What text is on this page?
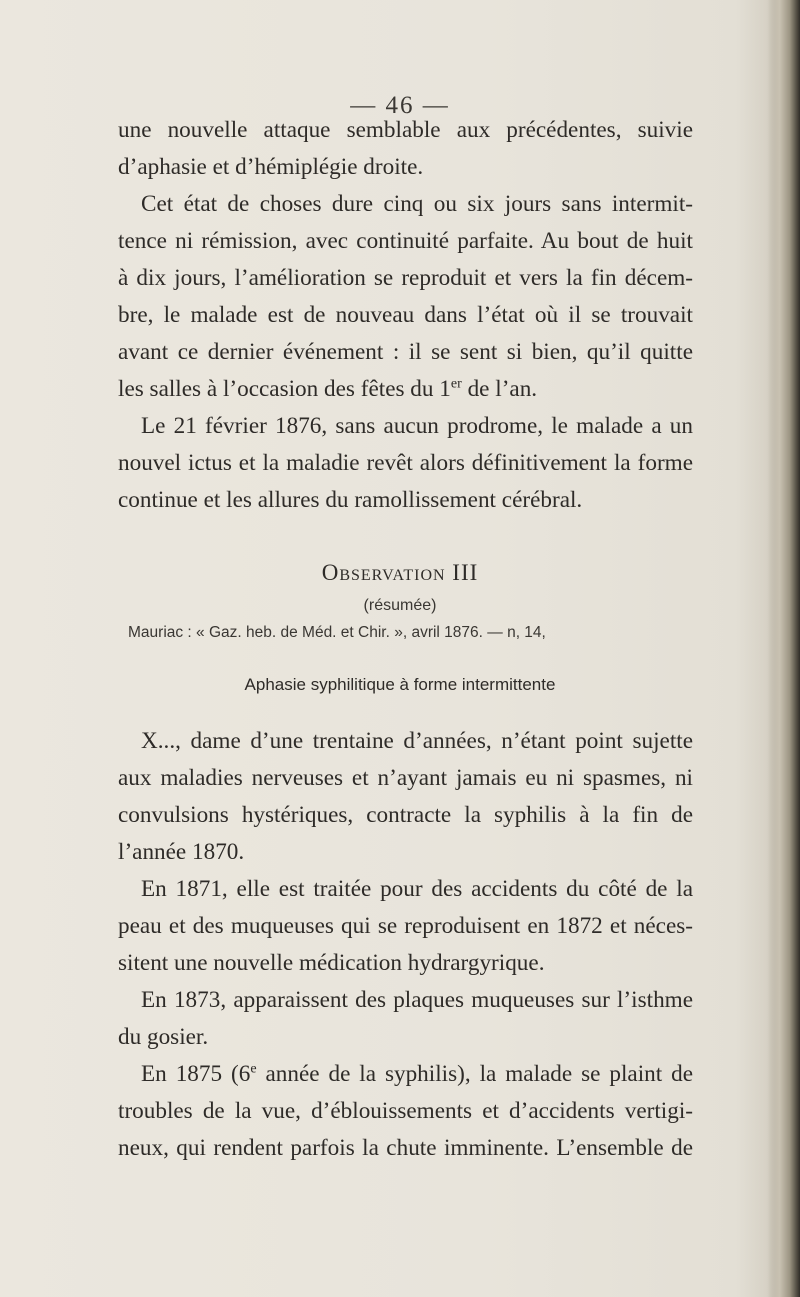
— 46 —
une nouvelle attaque semblable aux précédentes, suivie
d’aphasie et d’hémiplégie droite.
Cet état de choses dure cinq ou six jours sans intermit-
tence ni rémission, avec continuité parfaite. Au bout de huit
à dix jours, l’amélioration se reproduit et vers la fin décem-
bre, le malade est de nouveau dans l’état où il se trouvait
avant ce dernier événement : il se sent si bien, qu’il quitte
les salles à l’occasion des fêtes du 1er de l’an.
Le 21 février 1876, sans aucun prodrome, le malade a un
nouvel ictus et la maladie revêt alors définitivement la forme
continue et les allures du ramollissement cérébral.
Observation III
(résumée)
Mauriac : « Gaz. heb. de Méd. et Chir. », avril 1876. — n, 14,
Aphasie syphilitique à forme intermittente
X..., dame d’une trentaine d’années, n’étant point sujette
aux maladies nerveuses et n’ayant jamais eu ni spasmes, ni
convulsions hystériques, contracte la syphilis à la fin de
l’année 1870.
En 1871, elle est traitée pour des accidents du côté de la
peau et des muqueuses qui se reproduisent en 1872 et néces-
sitent une nouvelle médication hydrargyrique.
En 1873, apparaissent des plaques muqueuses sur l’isthme
du gosier.
En 1875 (6e année de la syphilis), la malade se plaint de
troubles de la vue, d’éblouissements et d’accidents vertigi-
neux, qui rendent parfois la chute imminente. L’ensemble de
